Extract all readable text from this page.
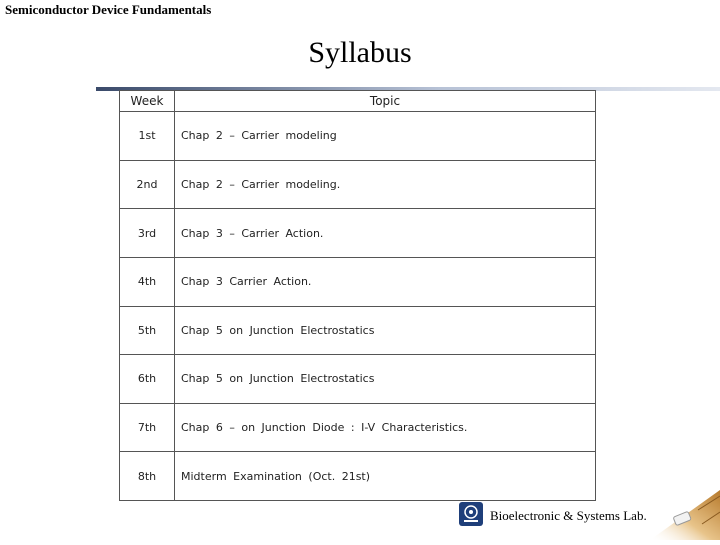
Semiconductor Device Fundamentals
Syllabus
Week	Topic
1st	Chap 2 – Carrier modeling
2nd	Chap 2 – Carrier modeling.
3rd	Chap 3 – Carrier Action.
4th	Chap 3 Carrier Action.
5th	Chap 5 on Junction Electrostatics
6th	Chap 5 on Junction Electrostatics
7th	Chap 6 – on Junction Diode : I-V Characteristics.
8th	Midterm Examination (Oct. 21st)
Bioelectronic & Systems Lab.
